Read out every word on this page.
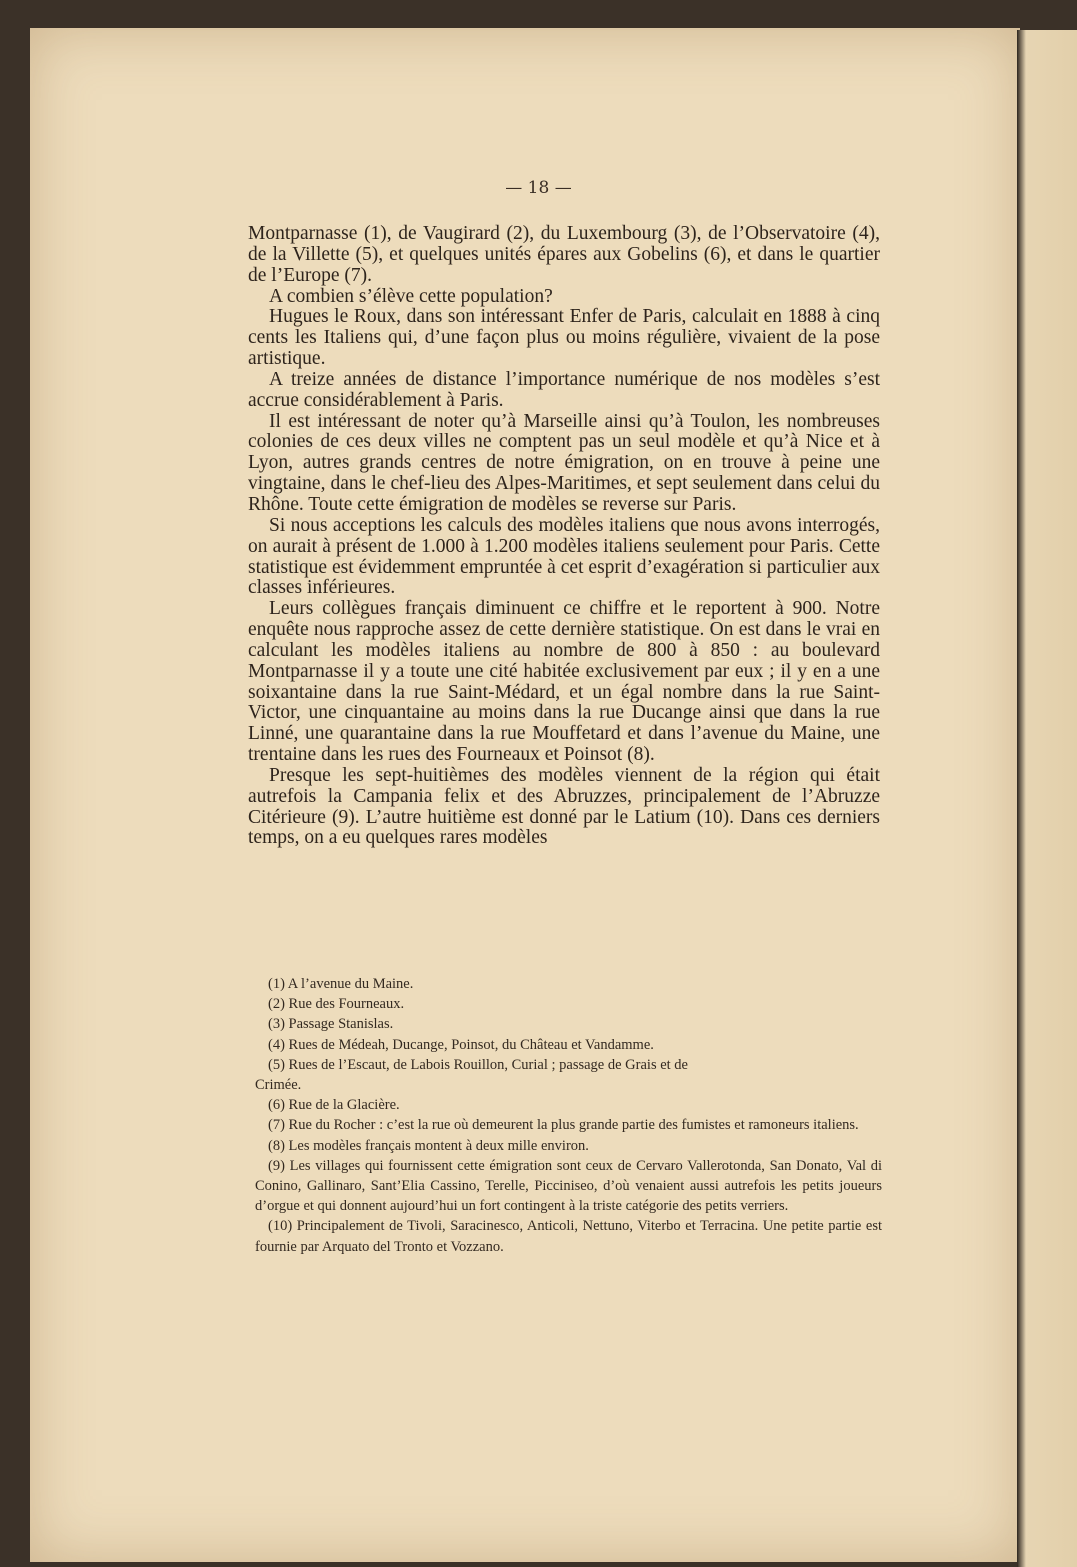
— 18 —

Montparnasse (1), de Vaugirard (2), du Luxembourg (3), de l’Observatoire (4), de la Villette (5), et quelques unités épares aux Gobelins (6), et dans le quartier de l’Europe (7).

A combien s’élève cette population?

Hugues le Roux, dans son intéressant Enfer de Paris, calculait en 1888 à cinq cents les Italiens qui, d’une façon plus ou moins régulière, vivaient de la pose artistique.

A treize années de distance l’importance numérique de nos modèles s’est accrue considérablement à Paris.

Il est intéressant de noter qu’à Marseille ainsi qu’à Toulon, les nombreuses colonies de ces deux villes ne comptent pas un seul modèle et qu’à Nice et à Lyon, autres grands centres de notre émigration, on en trouve à peine une vingtaine, dans le chef-lieu des Alpes-Maritimes, et sept seulement dans celui du Rhône. Toute cette émigration de modèles se reverse sur Paris.

Si nous acceptions les calculs des modèles italiens que nous avons interrogés, on aurait à présent de 1.000 à 1.200 modèles italiens seulement pour Paris. Cette statistique est évidemment empruntée à cet esprit d’exagération si particulier aux classes inférieures.

Leurs collègues français diminuent ce chiffre et le reportent à 900. Notre enquête nous rapproche assez de cette dernière statistique. On est dans le vrai en calculant les modèles italiens au nombre de 800 à 850 : au boulevard Montparnasse il y a toute une cité habitée exclusivement par eux ; il y en a une soixantaine dans la rue Saint-Médard, et un égal nombre dans la rue Saint-Victor, une cinquantaine au moins dans la rue Ducange ainsi que dans la rue Linné, une quarantaine dans la rue Mouffetard et dans l’avenue du Maine, une trentaine dans les rues des Fourneaux et Poinsot (8).

Presque les sept-huitièmes des modèles viennent de la région qui était autrefois la Campania felix et des Abruzzes, principalement de l’Abruzze Citérieure (9). L’autre huitième est donné par le Latium (10). Dans ces derniers temps, on a eu quelques rares modèles

(1) A l’avenue du Maine.

(2) Rue des Fourneaux.

(3) Passage Stanislas.

(4) Rues de Médeah, Ducange, Poinsot, du Château et Vandamme.

(5) Rues de l’Escaut, de Labois Rouillon, Curial ; passage de Grais et de

Crimée.

(6) Rue de la Glacière.

(7) Rue du Rocher : c’est la rue où demeurent la plus grande partie des fumistes et ramoneurs italiens.

(8) Les modèles français montent à deux mille environ.

(9) Les villages qui fournissent cette émigration sont ceux de Cervaro Vallerotonda, San Donato, Val di Conino, Gallinaro, Sant’Elia Cassino, Terelle, Picciniseo, d’où venaient aussi autrefois les petits joueurs d’orgue et qui donnent aujourd’hui un fort contingent à la triste catégorie des petits verriers.

(10) Principalement de Tivoli, Saracinesco, Anticoli, Nettuno, Viterbo et Terracina. Une petite partie est fournie par Arquato del Tronto et Vozzano.
